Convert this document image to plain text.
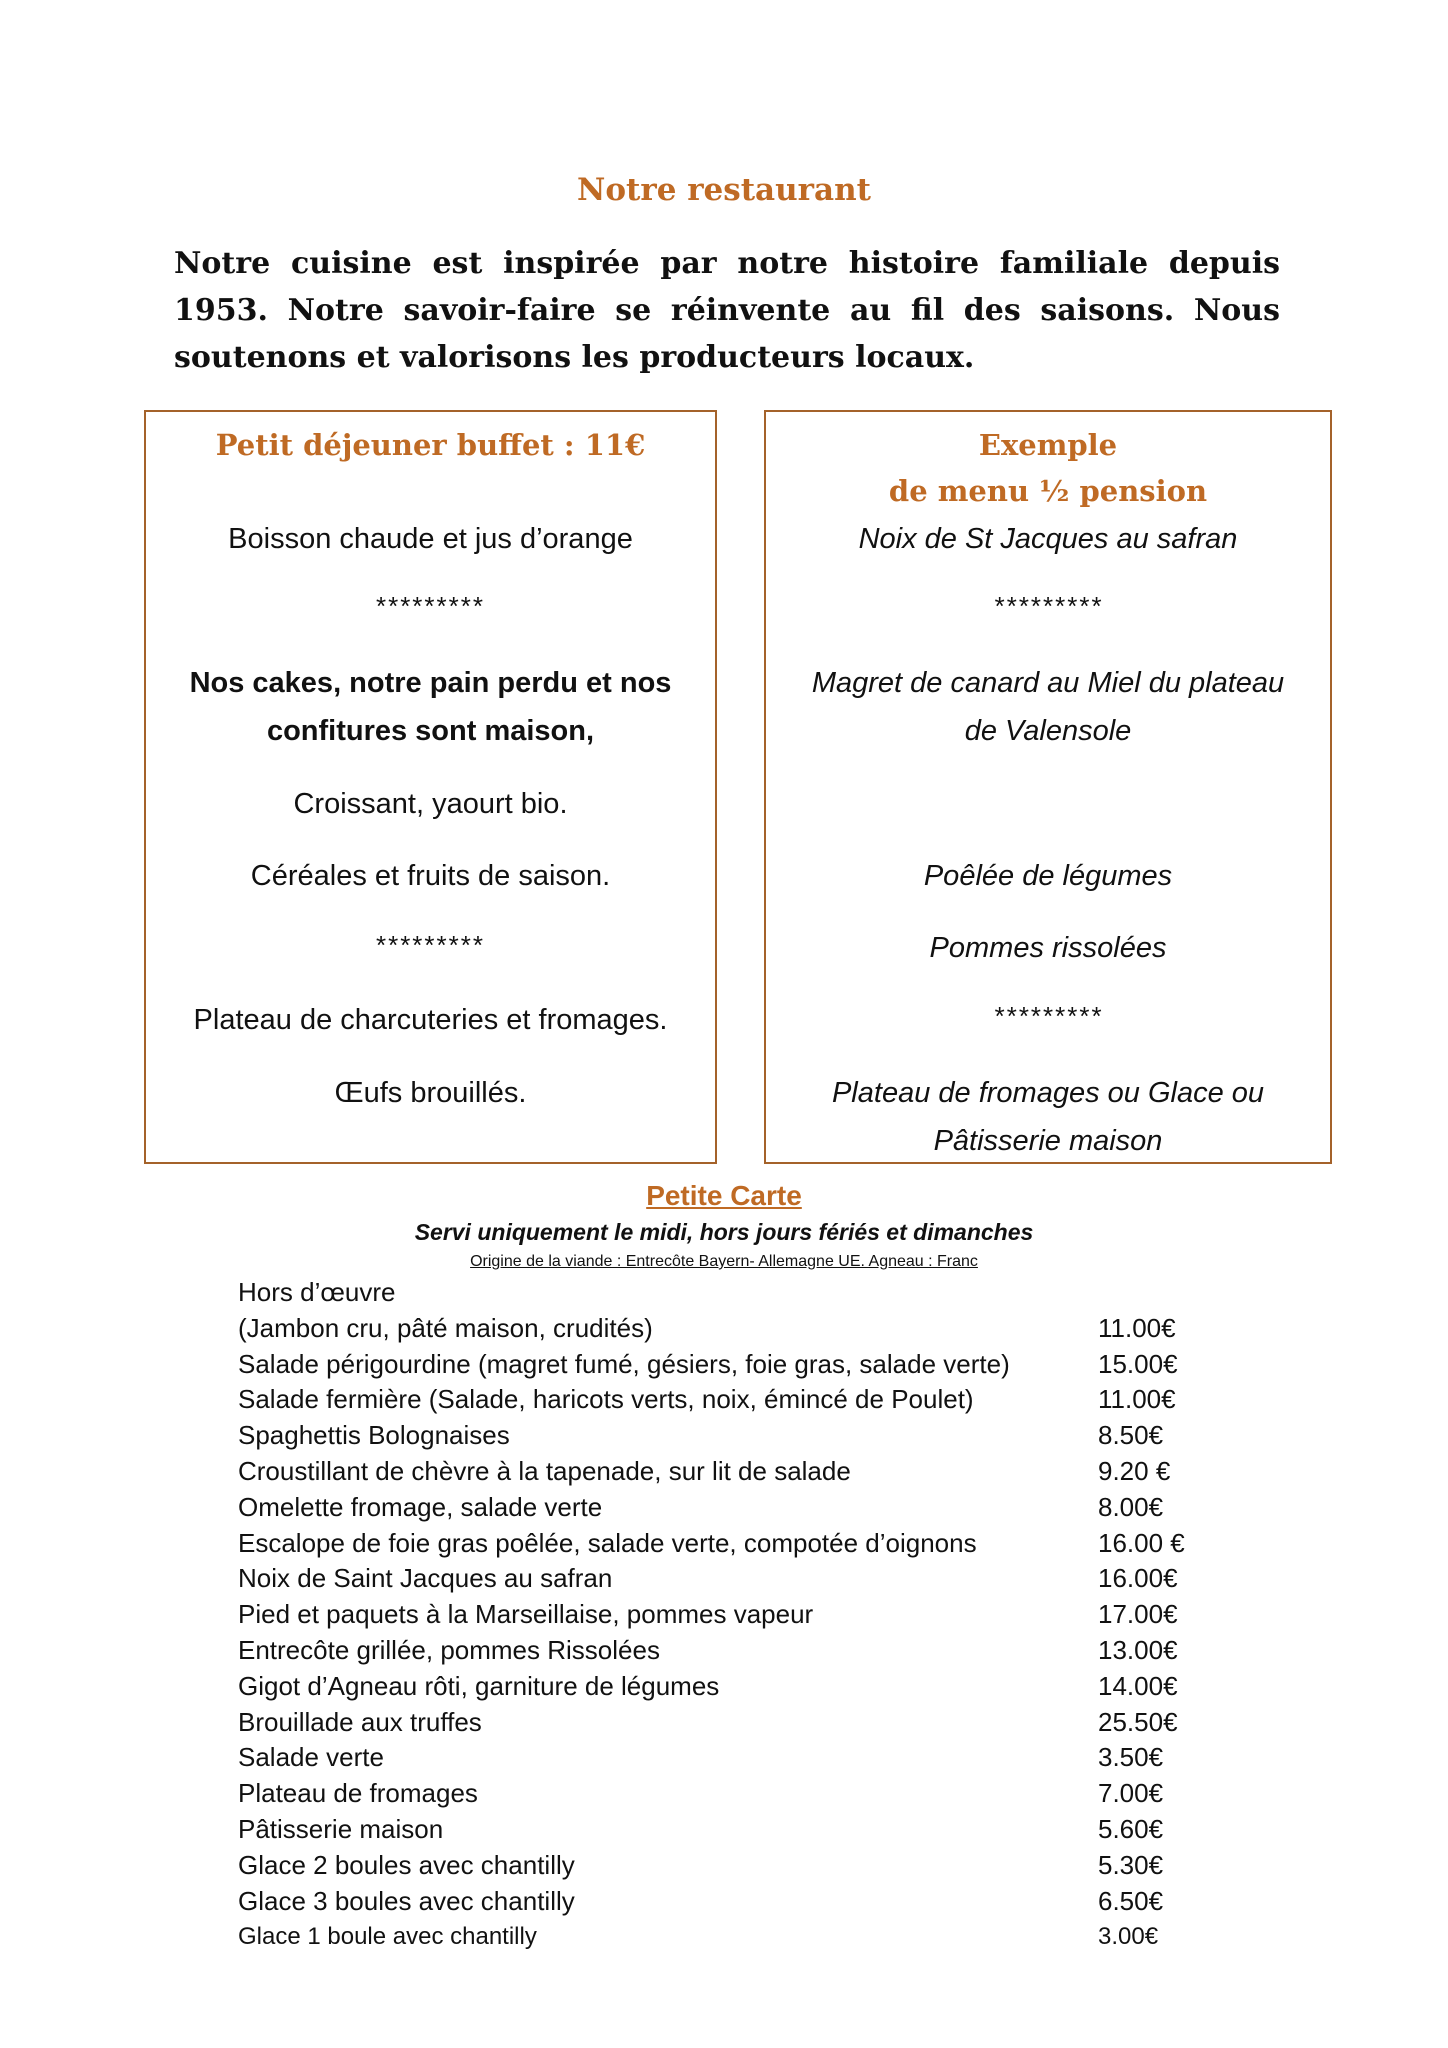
Notre restaurant
Notre cuisine est inspirée par notre histoire familiale depuis 1953. Notre savoir-faire se réinvente au fil des saisons. Nous soutenons et valorisons les producteurs locaux.
Petit déjeuner buffet : 11€
Boisson chaude et jus d’orange
*********
Nos cakes, notre pain perdu et nos
confitures sont maison,
Croissant, yaourt bio.
Céréales et fruits de saison.
*********
Plateau de charcuteries et fromages.
Œufs brouillés.
Exemple
de menu ½ pension
Noix de St Jacques au safran
*********
Magret de canard au Miel du plateau
de Valensole
Poêlée de légumes
Pommes rissolées
*********
Plateau de fromages ou Glace ou
Pâtisserie maison
Petite Carte
Servi uniquement le midi, hors jours fériés et dimanches
Origine de la viande : Entrecôte Bayern- Allemagne UE. Agneau : Franc
Hors d’œuvre
(Jambon cru, pâté maison, crudités)	11.00€
Salade périgourdine (magret fumé, gésiers, foie gras, salade verte)	15.00€
Salade fermière (Salade, haricots verts, noix, émincé de Poulet)	11.00€
Spaghettis Bolognaises	8.50€
Croustillant de chèvre à la tapenade, sur lit de salade	9.20 €
Omelette fromage, salade verte	8.00€
Escalope de foie gras poêlée, salade verte, compotée d’oignons	16.00 €
Noix de Saint Jacques au safran	16.00€
Pied et paquets à la Marseillaise, pommes vapeur	17.00€
Entrecôte grillée, pommes Rissolées	13.00€
Gigot d’Agneau rôti, garniture de légumes	14.00€
Brouillade aux truffes	25.50€
Salade verte	3.50€
Plateau de fromages	7.00€
Pâtisserie maison	5.60€
Glace 2 boules avec chantilly	5.30€
Glace 3 boules avec chantilly	6.50€
Glace 1 boule avec chantilly	3.00€
